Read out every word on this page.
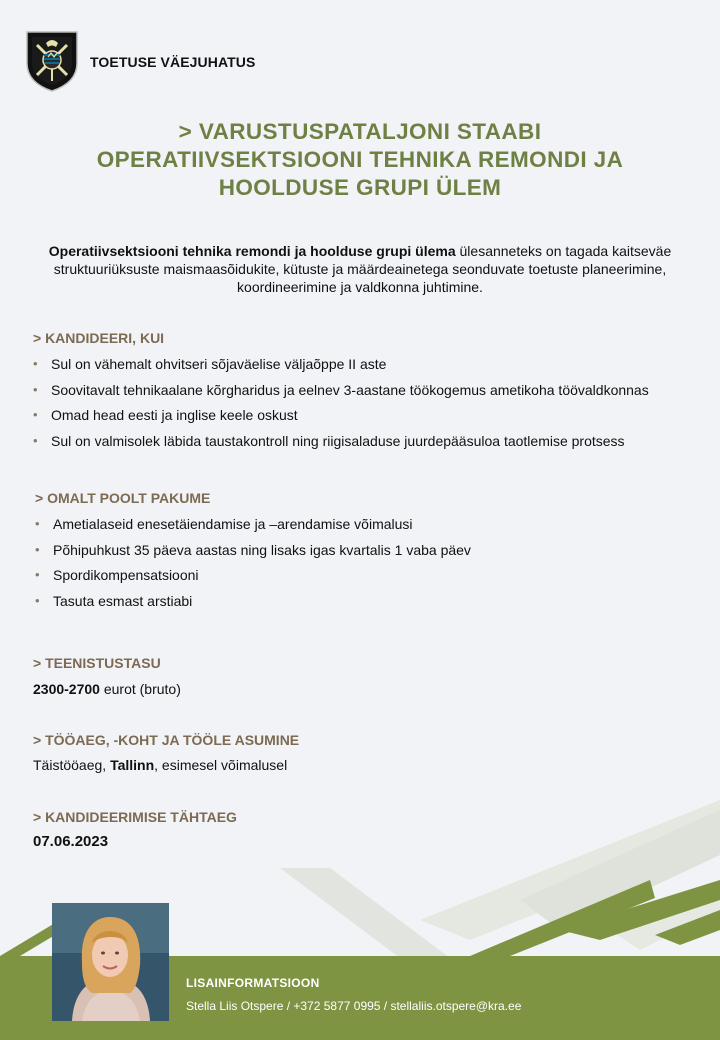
TOETUSE VÄEJUHATUS
> VARUSTUSPATALJONI STAABI
OPERATIIVSEKTSIOONI TEHNIKA REMONDI JA
HOOLDUSE GRUPI ÜLEM
Operatiivsektsiooni tehnika remondi ja hoolduse grupi ülema ülesanneteks on tagada kaitseväe
struktuuriüksuste maismaasõidukite, kütuste ja määrdeainetega seonduvate toetuste planeerimine,
koordineerimine ja valdkonna juhtimine.
> KANDIDEERI, KUI
• Sul on vähemalt ohvitseri sõjaväelise väljaõppe II aste
• Soovitavalt tehnikaalane kõrgharidus ja eelnev 3-aastane töökogemus ametikoha töövaldkonnas
• Omad head eesti ja inglise keele oskust
• Sul on valmisolek läbida taustakontroll ning riigisaladuse juurdepääsuloa taotlemise protsess
> OMALT POOLT PAKUME
• Ametialaseid enesetäiendamise ja –arendamise võimalusi
• Põhipuhkust 35 päeva aastas ning lisaks igas kvartalis 1 vaba päev
• Spordikompensatsiooni
• Tasuta esmast arstiabi
> TEENISTUSTASU
2300-2700 eurot (bruto)
> TÖÖAEG, -KOHT JA TÖÖLE ASUMINE
Täistööaeg, Tallinn, esimesel võimalusel
> KANDIDEERIMISE TÄHTAEG
07.06.2023
LISAINFORMATSIOON
Stella Liis Otspere / +372 5877 0995 / stellaliis.otspere@kra.ee
